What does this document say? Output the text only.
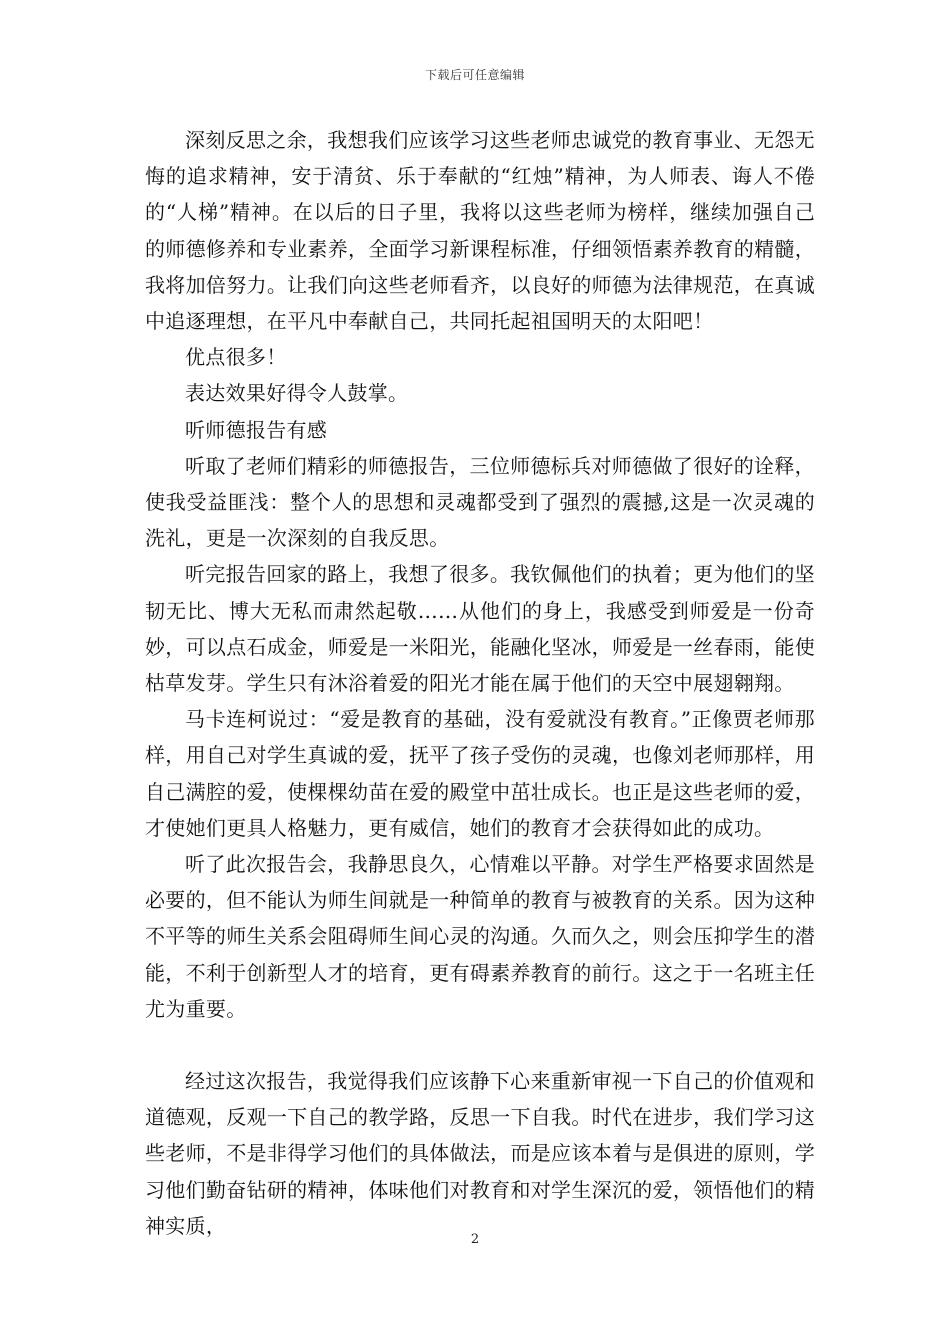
下载后可任意编辑

深刻反思之余，我想我们应该学习这些老师忠诚党的教育事业、无怨无悔的追求精神，安于清贫、乐于奉献的“红烛”精神，为人师表、诲人不倦的“人梯”精神。在以后的日子里，我将以这些老师为榜样，继续加强自己的师德修养和专业素养，全面学习新课程标准，仔细领悟素养教育的精髓，我将加倍努力。让我们向这些老师看齐，以良好的师德为法律规范，在真诚中追逐理想，在平凡中奉献自己，共同托起祖国明天的太阳吧！

优点很多！

表达效果好得令人鼓掌。

听师德报告有感

听取了老师们精彩的师德报告，三位师德标兵对师德做了很好的诠释，使我受益匪浅：整个人的思想和灵魂都受到了强烈的震撼,这是一次灵魂的洗礼，更是一次深刻的自我反思。

听完报告回家的路上，我想了很多。我钦佩他们的执着；更为他们的坚韧无比、博大无私而肃然起敬……从他们的身上，我感受到师爱是一份奇妙，可以点石成金，师爱是一米阳光，能融化坚冰，师爱是一丝春雨，能使枯草发芽。学生只有沐浴着爱的阳光才能在属于他们的天空中展翅翱翔。

马卡连柯说过：“爱是教育的基础，没有爱就没有教育。”正像贾老师那样，用自己对学生真诚的爱，抚平了孩子受伤的灵魂，也像刘老师那样，用自己满腔的爱，使棵棵幼苗在爱的殿堂中茁壮成长。也正是这些老师的爱，才使她们更具人格魅力，更有威信，她们的教育才会获得如此的成功。

听了此次报告会，我静思良久，心情难以平静。对学生严格要求固然是必要的，但不能认为师生间就是一种简单的教育与被教育的关系。因为这种不平等的师生关系会阻碍师生间心灵的沟通。久而久之，则会压抑学生的潜能，不利于创新型人才的培育，更有碍素养教育的前行。这之于一名班主任尤为重要。

经过这次报告，我觉得我们应该静下心来重新审视一下自己的价值观和道德观，反观一下自己的教学路，反思一下自我。时代在进步，我们学习这些老师，不是非得学习他们的具体做法，而是应该本着与是俱进的原则，学习他们勤奋钻研的精神，体味他们对教育和对学生深沉的爱，领悟他们的精神实质，

2
